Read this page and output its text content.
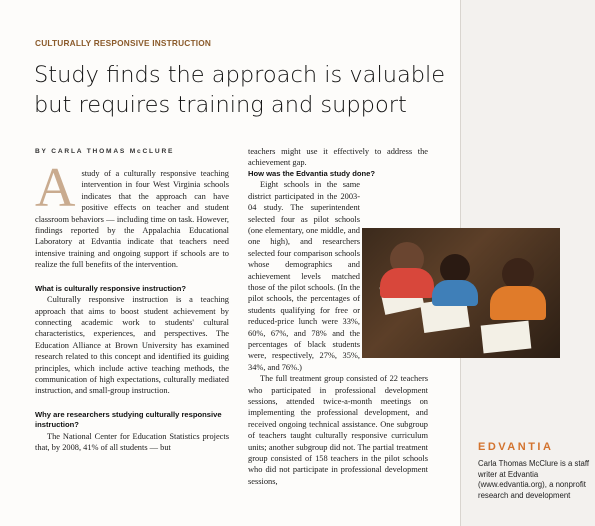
CULTURALLY RESPONSIVE INSTRUCTION
Study finds the approach is valuable
but requires training and support
BY CARLA THOMAS McCLURE

Astudy of a culturally responsive teaching intervention in four West Virginia schools indicates that the approach can have positive effects on teacher and student classroom behaviors — including time on task. However, findings reported by the Appalachia Educational Laboratory at Edvantia indicate that teachers need intensive training and ongoing support if schools are to realize the full benefits of the intervention.

What is culturally responsive instruction?

Culturally responsive instruction is a teaching approach that aims to boost student achievement by connecting academic work to students' cultural characteristics, experiences, and perspectives. The Education Alliance at Brown University has examined research related to this concept and identified its guiding principles, which include active teaching methods, the communication of high expectations, culturally mediated instruction, and small-group instruction.

Why are researchers studying culturally responsive instruction?

The National Center for Education Statistics projects that, by 2008, 41% of all students — but

teachers might use it effectively to address the achievement gap.

How was the Edvantia study done?

Eight schools in the same district participated in the 2003-04 study. The superintendent selected four as pilot schools (one elementary, one middle, and one high), and researchers selected four comparison schools whose demographics and achievement levels matched those of the pilot schools. (In the pilot schools, the percentages of students qualifying for free or reduced-price lunch were 33%, 60%, 67%, and 78% and the percentages of black students were, respectively, 27%, 35%, 34%, and 76%.)

The full treatment group consisted of 22 teachers who participated in professional development sessions, attended twice-a-month meetings on implementing the professional development, and received ongoing technical assistance. One subgroup of teachers taught culturally responsive curriculum units; another subgroup did not. The partial treatment group consisted of 158 teachers in the pilot schools who did not participate in professional development sessions,

EDVANTIA
Carla Thomas McClure is a staff writer at Edvantia (www.edvantia.org), a nonprofit research and development
